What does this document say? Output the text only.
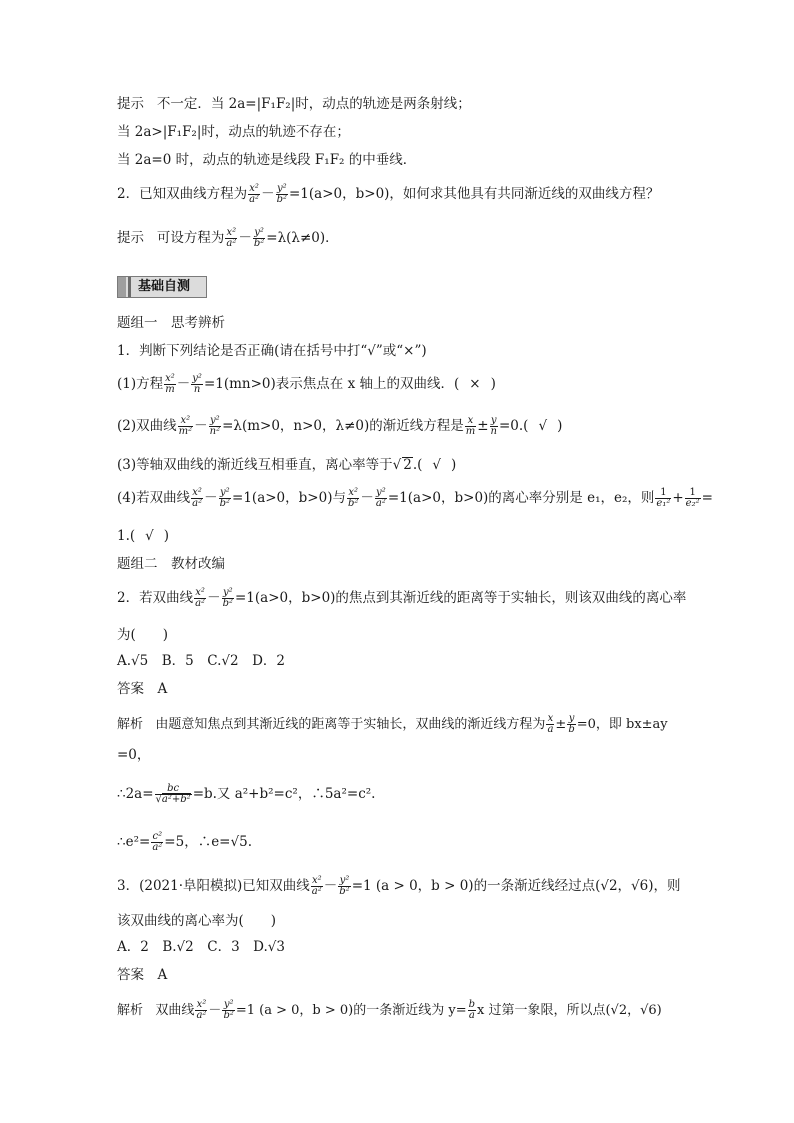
提示 不一定．当 2a=|F₁F₂|时，动点的轨迹是两条射线；
当 2a>|F₁F₂|时，动点的轨迹不存在；
当 2a=0 时，动点的轨迹是线段 F₁F₂ 的中垂线．
2．已知双曲线方程为 $\frac{\text{x²}}{\text{a²}} - \frac{\text{y²}}{\text{b²}} =1(a>0$，b>0)，如何求其他具有共同渐近线的双曲线方程？
提示 可设方程为 $\frac{\text{x²}}{\text{a²}} - \frac{\text{y²}}{\text{b²}} =\lambda(\lambda\ne 0)$．
基础自测
题组一　思考辨析
1．判断下列结论是否正确(请在括号中打“√”或“×”)
(1)方程 $\frac{\text{x²}}{m} - \frac{\text{y²}}{n} =1(mn>0)$表示焦点在 x 轴上的双曲线．( × )
(2)双曲线 $\frac{\text{x²}}{\text{m²}} - \frac{\text{y²}}{\text{n²}} =\lambda(m>0$，n>0，λ≠0)的渐近线方程是 $\frac{x}{m} \pm \frac{y}{n} =0$.( √ )
(3)等轴双曲线的渐近线互相垂直，离心率等于√ 2.( √ )
(4)若双曲线 $\frac{\text{x²}}{\text{a²}} - \frac{\text{y²}}{\text{b²}} =1(a>0$，b>0)与 $\frac{\text{x²}}{\text{b²}} - \frac{\text{y²}}{\text{a²}} =1(a>0$，b>0)的离心率分别是 e₁，e₂，则 $\frac{1}{\text{e₁²}} + \frac{1}{\text{e₂²}}$ =
1.( √ )
题组二　教材改编
2．若双曲线 $\frac{\text{x²}}{\text{a²}} - \frac{\text{y²}}{\text{b²}} =1(a>0$，b>0)的焦点到其渐近线的距离等于实轴长，则该双曲线的离心率
为(　　)
A.√5　B．5　C.√2　D．2
答案　A
解析 由题意知焦点到其渐近线的距离等于实轴长，双曲线的渐近线方程为 $\frac{x}{a} \pm \frac{y}{b} =0$，即 bx±ay
=0，
∴2a= $\frac{bc}{\text{√a²+b²}} =b$.又 a²+b²=c²，∴5a²=c².
∴e²= $\frac{\text{c²}}{\text{a²}} =5$，∴e=√5.
3．(2021·阜阳模拟)已知双曲线 $\frac{\text{x²}}{\text{a²}} - \frac{\text{y²}}{\text{b²}} =1$ (a > 0，b > 0)的一条渐近线经过点(√2，√6)，则
该双曲线的离心率为(　　)
A．2　B.√2　C．3　D.√3
答案　A
解析 双曲线 $\frac{\text{x²}}{\text{a²}} - \frac{\text{y²}}{\text{b²}} =1$ (a > 0，b > 0)的一条渐近线为 $y= \frac{b}{a}$ x 过第一象限，所以点(√2，√6)
